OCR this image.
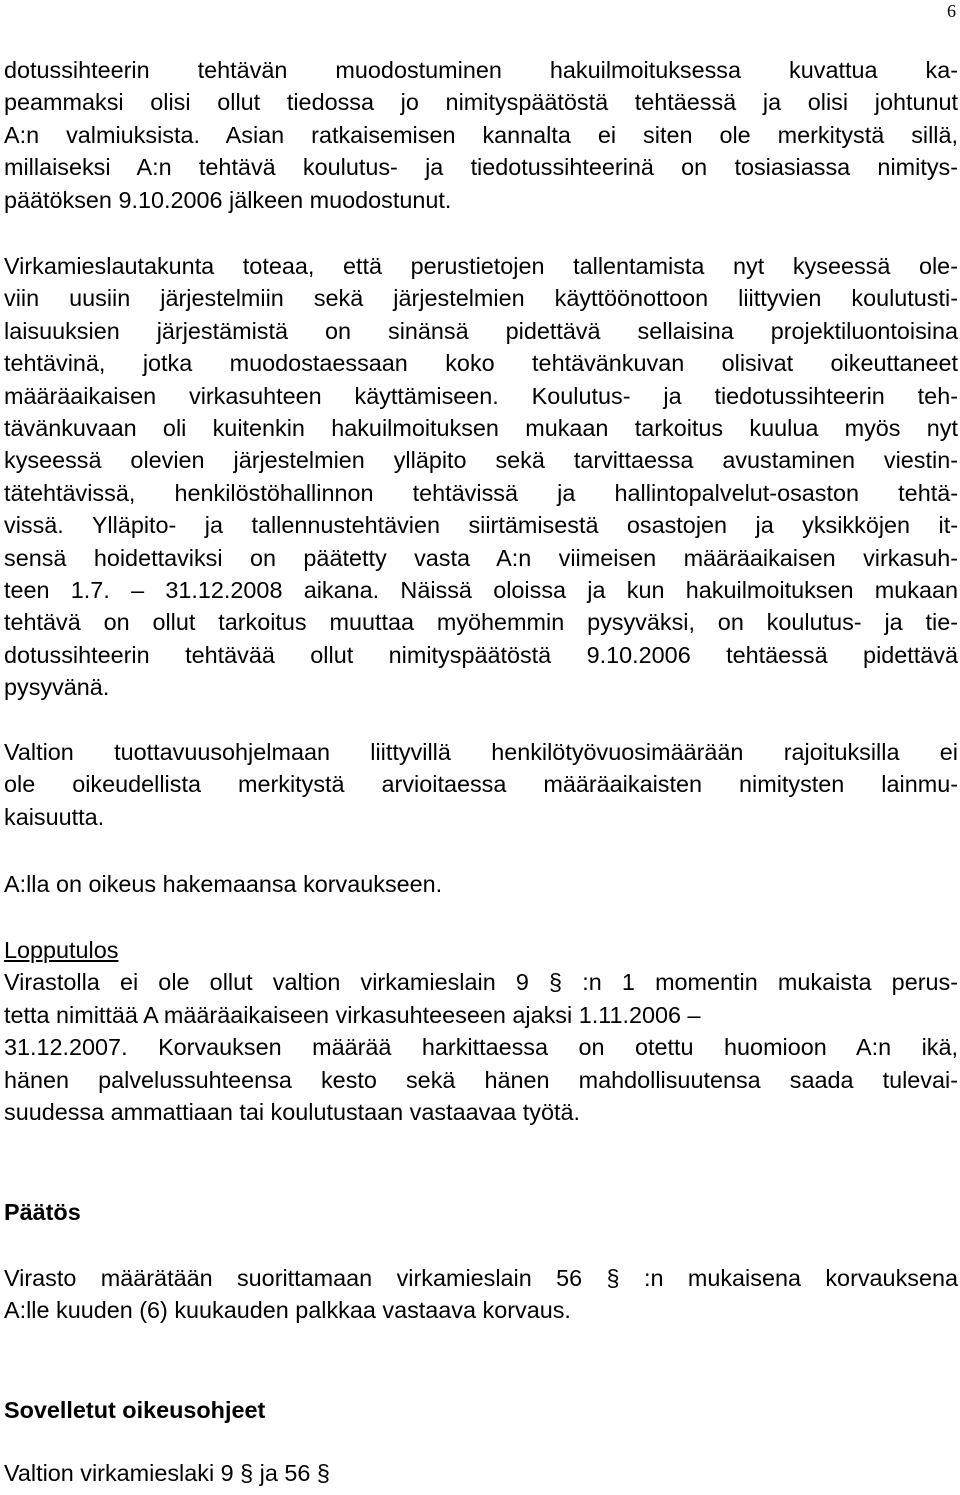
6
dotussihteerin tehtävän muodostuminen hakuilmoituksessa kuvattua ka-
peammaksi olisi ollut tiedossa jo nimityspäätöstä tehtäessä ja olisi johtunut
A:n valmiuksista. Asian ratkaisemisen kannalta ei siten ole merkitystä sillä,
millaiseksi A:n tehtävä koulutus- ja tiedotussihteerinä on tosiasiassa nimitys-
päätöksen 9.10.2006 jälkeen muodostunut.
Virkamieslautakunta toteaa, että perustietojen tallentamista nyt kyseessä ole-
viin uusiin järjestelmiin sekä järjestelmien käyttöönottoon liittyvien koulutusti-
laisuuksien järjestämistä on sinänsä pidettävä sellaisina projektiluontoisina
tehtävinä, jotka muodostaessaan koko tehtävänkuvan olisivat oikeuttaneet
määräaikaisen virkasuhteen käyttämiseen. Koulutus- ja tiedotussihteerin teh-
tävänkuvaan oli kuitenkin hakuilmoituksen mukaan tarkoitus kuulua myös nyt
kyseessä olevien järjestelmien ylläpito sekä tarvittaessa avustaminen viestin-
tätehtävissä, henkilöstöhallinnon tehtävissä ja hallintopalvelut-osaston tehtä-
vissä. Ylläpito- ja tallennustehtävien siirtämisestä osastojen ja yksikköjen it-
sensä hoidettaviksi on päätetty vasta A:n viimeisen määräaikaisen virkasuh-
teen 1.7. – 31.12.2008 aikana. Näissä oloissa ja kun hakuilmoituksen mukaan
tehtävä on ollut tarkoitus muuttaa myöhemmin pysyväksi, on koulutus- ja tie-
dotussihteerin tehtävää ollut nimityspäätöstä 9.10.2006 tehtäessä pidettävä
pysyvänä.
Valtion tuottavuusohjelmaan liittyvillä henkilötyövuosimäärään rajoituksilla ei
ole oikeudellista merkitystä arvioitaessa määräaikaisten nimitysten lainmu-
kaisuutta.
A:lla on oikeus hakemaansa korvaukseen.
Lopputulos
Virastolla ei ole ollut valtion virkamieslain 9 § :n 1 momentin mukaista perus-
tetta nimittää A määräaikaiseen virkasuhteeseen ajaksi 1.11.2006 –
31.12.2007. Korvauksen määrää harkittaessa on otettu huomioon A:n ikä,
hänen palvelussuhteensa kesto sekä hänen mahdollisuutensa saada tulevai-
suudessa ammattiaan tai koulutustaan vastaavaa työtä.
Päätös
Virasto määrätään suorittamaan virkamieslain 56 § :n mukaisena korvauksena
A:lle kuuden (6) kuukauden palkkaa vastaava korvaus.
Sovelletut oikeusohjeet
Valtion virkamieslaki 9 § ja 56 §
